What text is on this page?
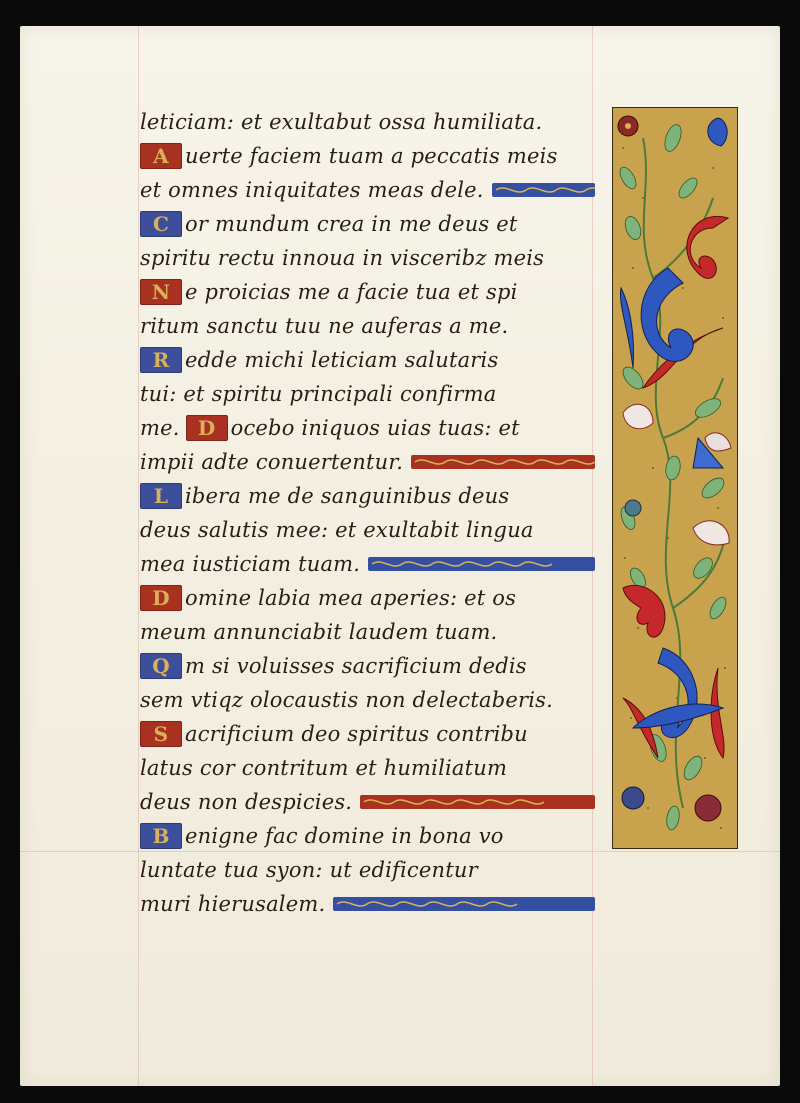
leticiam: et exultabut ossa humiliata.
A uerte faciem tuam a peccatis meis
et omnes iniquitates meas dele.
C or mundum crea in me deus et
spiritu rectu innoua in visceribz meis
N e proicias me a facie tua et spi
ritum sanctu tuu ne auferas a me.
R edde michi leticiam salutaris
tui: et spiritu principali confirma
me. D ocebo iniquos uias tuas: et
impii adte conuertentur.
L ibera me de sanguinibus deus
deus salutis mee: et exultabit lingua
mea iusticiam tuam.
D omine labia mea aperies: et os
meum annunciabit laudem tuam.
Q m si voluisses sacrificium dedis
sem vtiqz olocaustis non delectaberis.
S acrificium deo spiritus contribu
latus cor contritum et humiliatum
deus non despicies.
B enigne fac domine in bona vo
luntate tua syon: ut edificentur
muri hierusalem.
